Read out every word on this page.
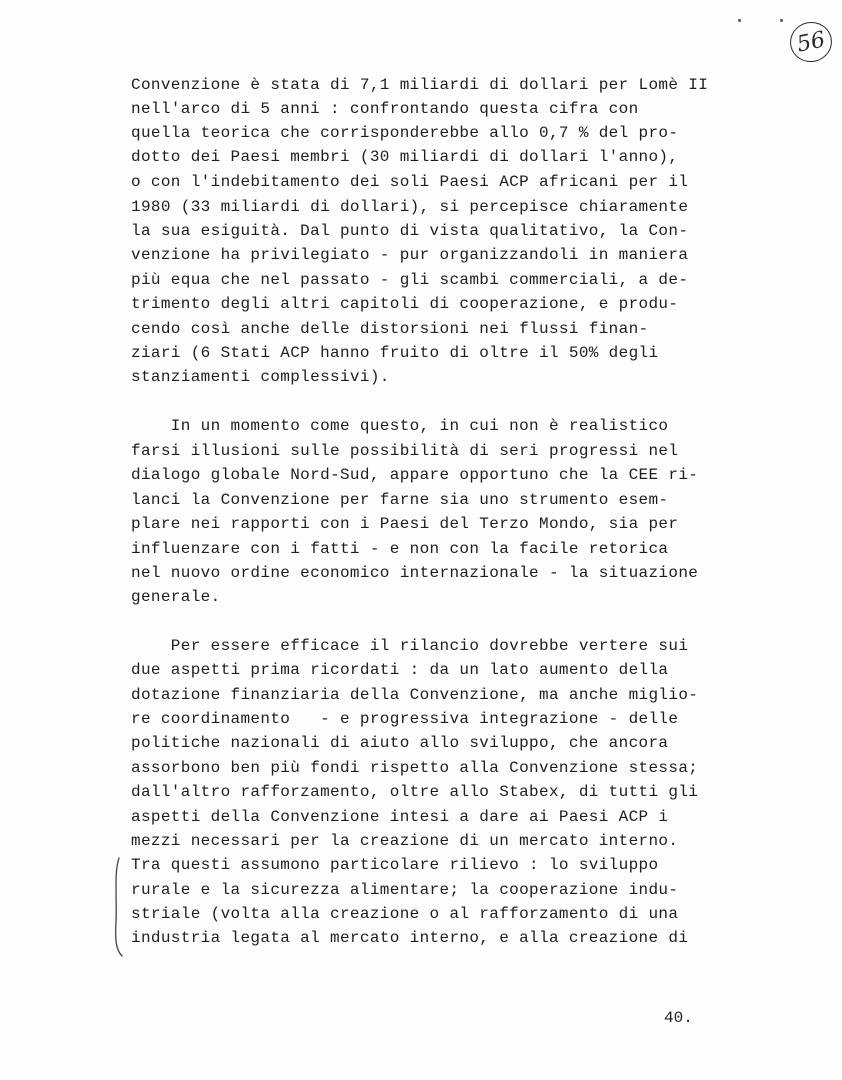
56
Convenzione è stata di 7,1 miliardi di dollari per Lomè II
nell'arco di 5 anni : confrontando questa cifra con
quella teorica che corrisponderebbe allo 0,7 % del pro-
dotto dei Paesi membri (30 miliardi di dollari l'anno),
o con l'indebitamento dei soli Paesi ACP africani per il
1980 (33 miliardi di dollari), si percepisce chiaramente
la sua esiguità. Dal punto di vista qualitativo, la Con-
venzione ha privilegiato - pur organizzandoli in maniera
più equa che nel passato - gli scambi commerciali, a de-
trimento degli altri capitoli di cooperazione, e produ-
cendo così anche delle distorsioni nei flussi finan-
ziari (6 Stati ACP hanno fruito di oltre il 50% degli
stanziamenti complessivi).
In un momento come questo, in cui non è realistico
farsi illusioni sulle possibilità di seri progressi nel
dialogo globale Nord-Sud, appare opportuno che la CEE ri-
lanci la Convenzione per farne sia uno strumento esem-
plare nei rapporti con i Paesi del Terzo Mondo, sia per
influenzare con i fatti - e non con la facile retorica
nel nuovo ordine economico internazionale - la situazione
generale.
Per essere efficace il rilancio dovrebbe vertere sui
due aspetti prima ricordati : da un lato aumento della
dotazione finanziaria della Convenzione, ma anche miglio-
re coordinamento   - e progressiva integrazione - delle
politiche nazionali di aiuto allo sviluppo, che ancora
assorbono ben più fondi rispetto alla Convenzione stessa;
dall'altro rafforzamento, oltre allo Stabex, di tutti gli
aspetti della Convenzione intesi a dare ai Paesi ACP i
mezzi necessari per la creazione di un mercato interno.
Tra questi assumono particolare rilievo : lo sviluppo
rurale e la sicurezza alimentare; la cooperazione indu-
striale (volta alla creazione o al rafforzamento di una
industria legata al mercato interno, e alla creazione di
40.
